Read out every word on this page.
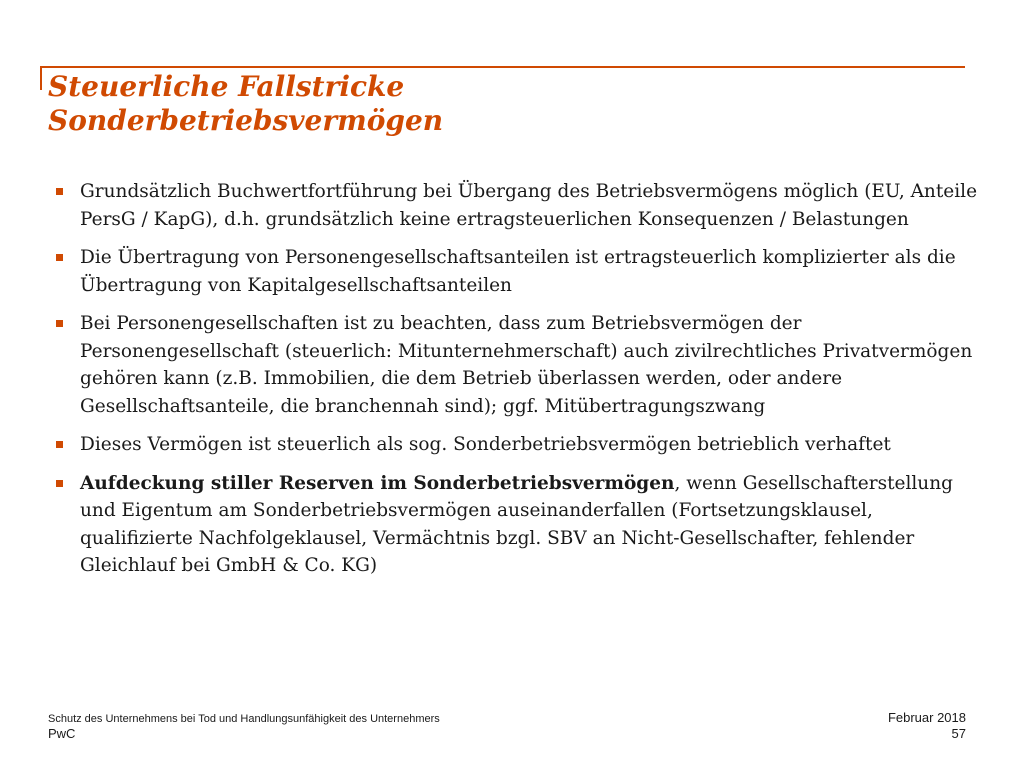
Steuerliche Fallstricke
Sonderbetriebsvermögen
Grundsätzlich Buchwertfortführung bei Übergang des Betriebsvermögens möglich (EU, Anteile PersG / KapG), d.h. grundsätzlich keine ertragsteuerlichen Konsequenzen / Belastungen
Die Übertragung von Personengesellschaftsanteilen ist ertragsteuerlich komplizierter als die Übertragung von Kapitalgesellschaftsanteilen
Bei Personengesellschaften ist zu beachten, dass zum Betriebsvermögen der Personengesellschaft (steuerlich: Mitunternehmerschaft) auch zivilrechtliches Privatvermögen gehören kann (z.B. Immobilien, die dem Betrieb überlassen werden, oder andere Gesellschaftsanteile, die branchennah sind); ggf. Mitübertragungszwang
Dieses Vermögen ist steuerlich als sog. Sonderbetriebsvermögen betrieblich verhaftet
Aufdeckung stiller Reserven im Sonderbetriebsvermögen, wenn Gesellschafterstellung und Eigentum am Sonderbetriebsvermögen auseinanderfallen (Fortsetzungsklausel, qualifizierte Nachfolgeklausel, Vermächtnis bzgl. SBV an Nicht-Gesellschafter, fehlender Gleichlauf bei GmbH & Co. KG)
Schutz des Unternehmens bei Tod und Handlungsunfähigkeit des Unternehmers
PwC
Februar 2018
57
